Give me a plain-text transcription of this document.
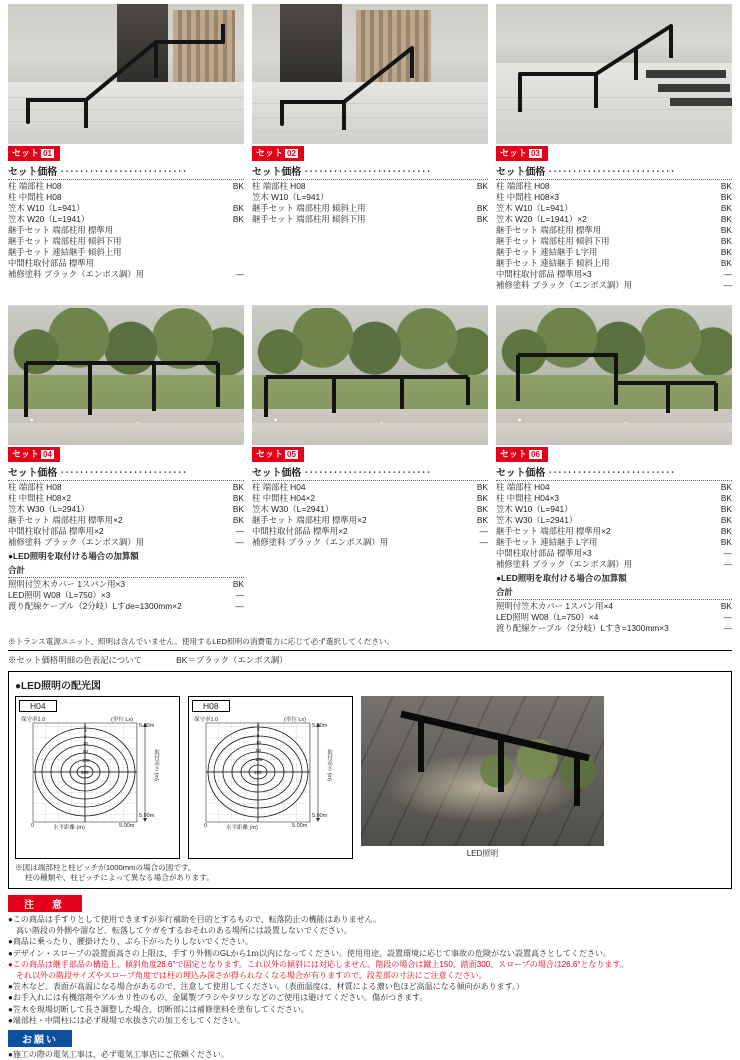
セット 01
セット価格 ‥‥‥‥‥‥‥‥‥‥‥‥‥
柱 端部柱 H08	BK
柱 中間柱 H08	
笠木 W10（L=941）	BK
笠木 W20（L=1941）	BK
継手セット 端部柱用 標準用	
継手セット 端部柱用 傾斜下用	
継手セット 連結継手 傾斜上用	
中間柱取付部品 標準用	
補修塗料 ブラック（エンボス調）用	―
セット 02
セット価格 ‥‥‥‥‥‥‥‥‥‥‥‥‥
柱 端部柱 H08	BK
笠木 W10（L=941）	
継手セット 端部柱用 傾斜上用	BK
継手セット 端部柱用 傾斜下用	BK
セット 03
セット価格 ‥‥‥‥‥‥‥‥‥‥‥‥‥
柱 端部柱 H08	BK
柱 中間柱 H08×3	BK
笠木 W10（L=941）	BK
笠木 W20（L=1941）×2	BK
継手セット 端部柱用 標準用	BK
継手セット 端部柱用 傾斜下用	BK
継手セット 連結継手 L字用	BK
継手セット 連結継手 傾斜上用	BK
中間柱取付部品 標準用×3	―
補修塗料 ブラック（エンボス調）用	―
セット 04
セット価格 ‥‥‥‥‥‥‥‥‥‥‥‥‥
柱 端部柱 H08	BK
柱 中間柱 H08×2	BK
笠木 W30（L=2941）	BK
継手セット 端部柱用 標準用×2	BK
中間柱取付部品 標準用×2	―
補修塗料 ブラック（エンボス調）用	―
●LED照明を取付ける場合の加算額
合計
照明付笠木カバー 1スパン用×3	BK
LED照明 W08（L=750）×3	―
渡り配線ケーブル（2分岐）Lすde=1300mm×2	―
セット 05
セット価格 ‥‥‥‥‥‥‥‥‥‥‥‥‥
柱 端部柱 H04	BK
柱 中間柱 H04×2	BK
笠木 W30（L=2941）	BK
継手セット 端部柱用 標準用×2	BK
中間柱取付部品 標準用×2	―
補修塗料 ブラック（エンボス調）用	―
セット 06
セット価格 ‥‥‥‥‥‥‥‥‥‥‥‥‥
柱 端部柱 H04	BK
柱 中間柱 H04×3	BK
笠木 W10（L=941）	BK
笠木 W30（L=2941）	BK
継手セット 端部柱用 標準用×2	BK
継手セット 連結継手 L字用	BK
中間柱取付部品 標準用×3	―
補修塗料 ブラック（エンボス調）用	―
●LED照明を取付ける場合の加算額
合計
照明付笠木カバー 1スパン用×4	BK
LED照明 W08（L=750）×4	―
渡り配線ケーブル（2分岐）Lすき=1300mm×3	―
※トランス電源ユニット、照明は含んでいません。使用するLED照明の消費電力に応じて必ず選択してください。
※セット価格明細の色表記について	BK＝ブラック（エンボス調）
●LED照明の配光図
H04
505
100
50
10
5
3
1
保守率1.0	(単位 Lx)
5.00m
5.00m
取付高さ (m)
水平距離 (m)
0	5.00m
H08
150
100
50
10
5
3
1
保守率1.0	(単位 Lx)
5.00m
5.00m
取付高さ (m)
水平距離 (m)
0	5.00m
LED照明
※図は端部柱と柱ピッチが1000mmの場合の図です。
柱の種類や、柱ピッチによって異なる場合があります。
注　意

●この商品は手すりとして使用できますが歩行補助を目的とするもので、転落防止の機能はありません。

　高い階段の外側や溜など、転落してケガをするおそれのある場所には設置しないでください。

●商品に乗ったり、腰掛けたり、ぶら下がったりしないでください。

●デザイン・スロープの設置面高さの上限は、手すり外側のGLから1ｍ以内になってください。使用用途、設置環境に応じて事故の危険がない設置高さとしてください。

●この商品は継手部品の構造上、傾斜角度26.6°で固定となります。これ以外の傾斜には対応しません。階段の場合は蹴上150、踏面300、スロープの場合は26.6°となります。

　それ以外の階段サイズやスロープ角度では柱の埋込み深さが得られなくなる場合が有りますので、段差部の寸法にご注意ください。

●笠木など、表面が高温になる場合があるので、注意して使用してください。（表面温度は、材質による濃い色ほど高温になる傾向があります。）

●お手入れには有機溶剤やアルカリ性のもの、金属製ブラシやタワシなどのご使用は避けてください。傷がつきます。

●笠木を現場切断して長さ調整した場合、切断部には補修塗料を塗布してください。

●端部柱・中間柱には必ず現場で水抜き穴の加工をしてください。

お願い

●施工の際の電気工事は、必ず電気工事店にご依頼ください。
